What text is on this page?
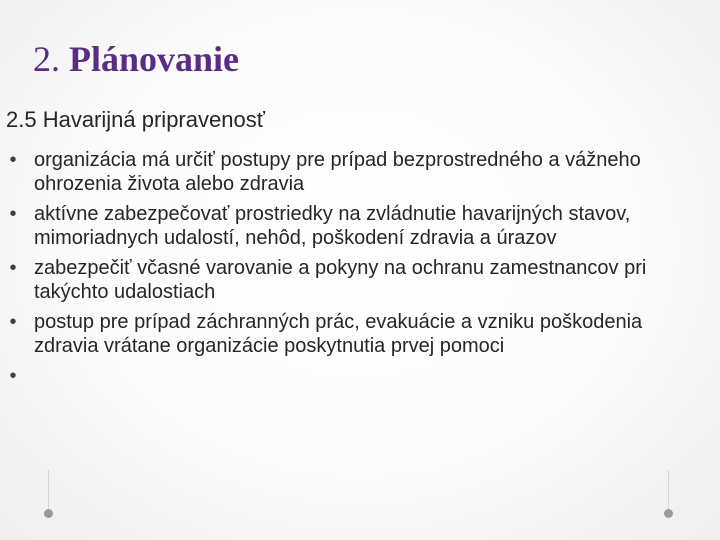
2. Plánovanie
2.5 Havarijná pripravenosť
• organizácia má určiť postupy pre prípad bezprostredného a vážneho ohrozenia života alebo zdravia
• aktívne zabezpečovať prostriedky na zvládnutie havarijných stavov, mimoriadnych udalostí, nehôd, poškodení zdravia a úrazov
• zabezpečiť včasné varovanie a pokyny na ochranu zamestnancov pri takýchto udalostiach
• postup pre prípad záchranných prác, evakuácie a vzniku poškodenia zdravia vrátane organizácie poskytnutia prvej pomoci
•
